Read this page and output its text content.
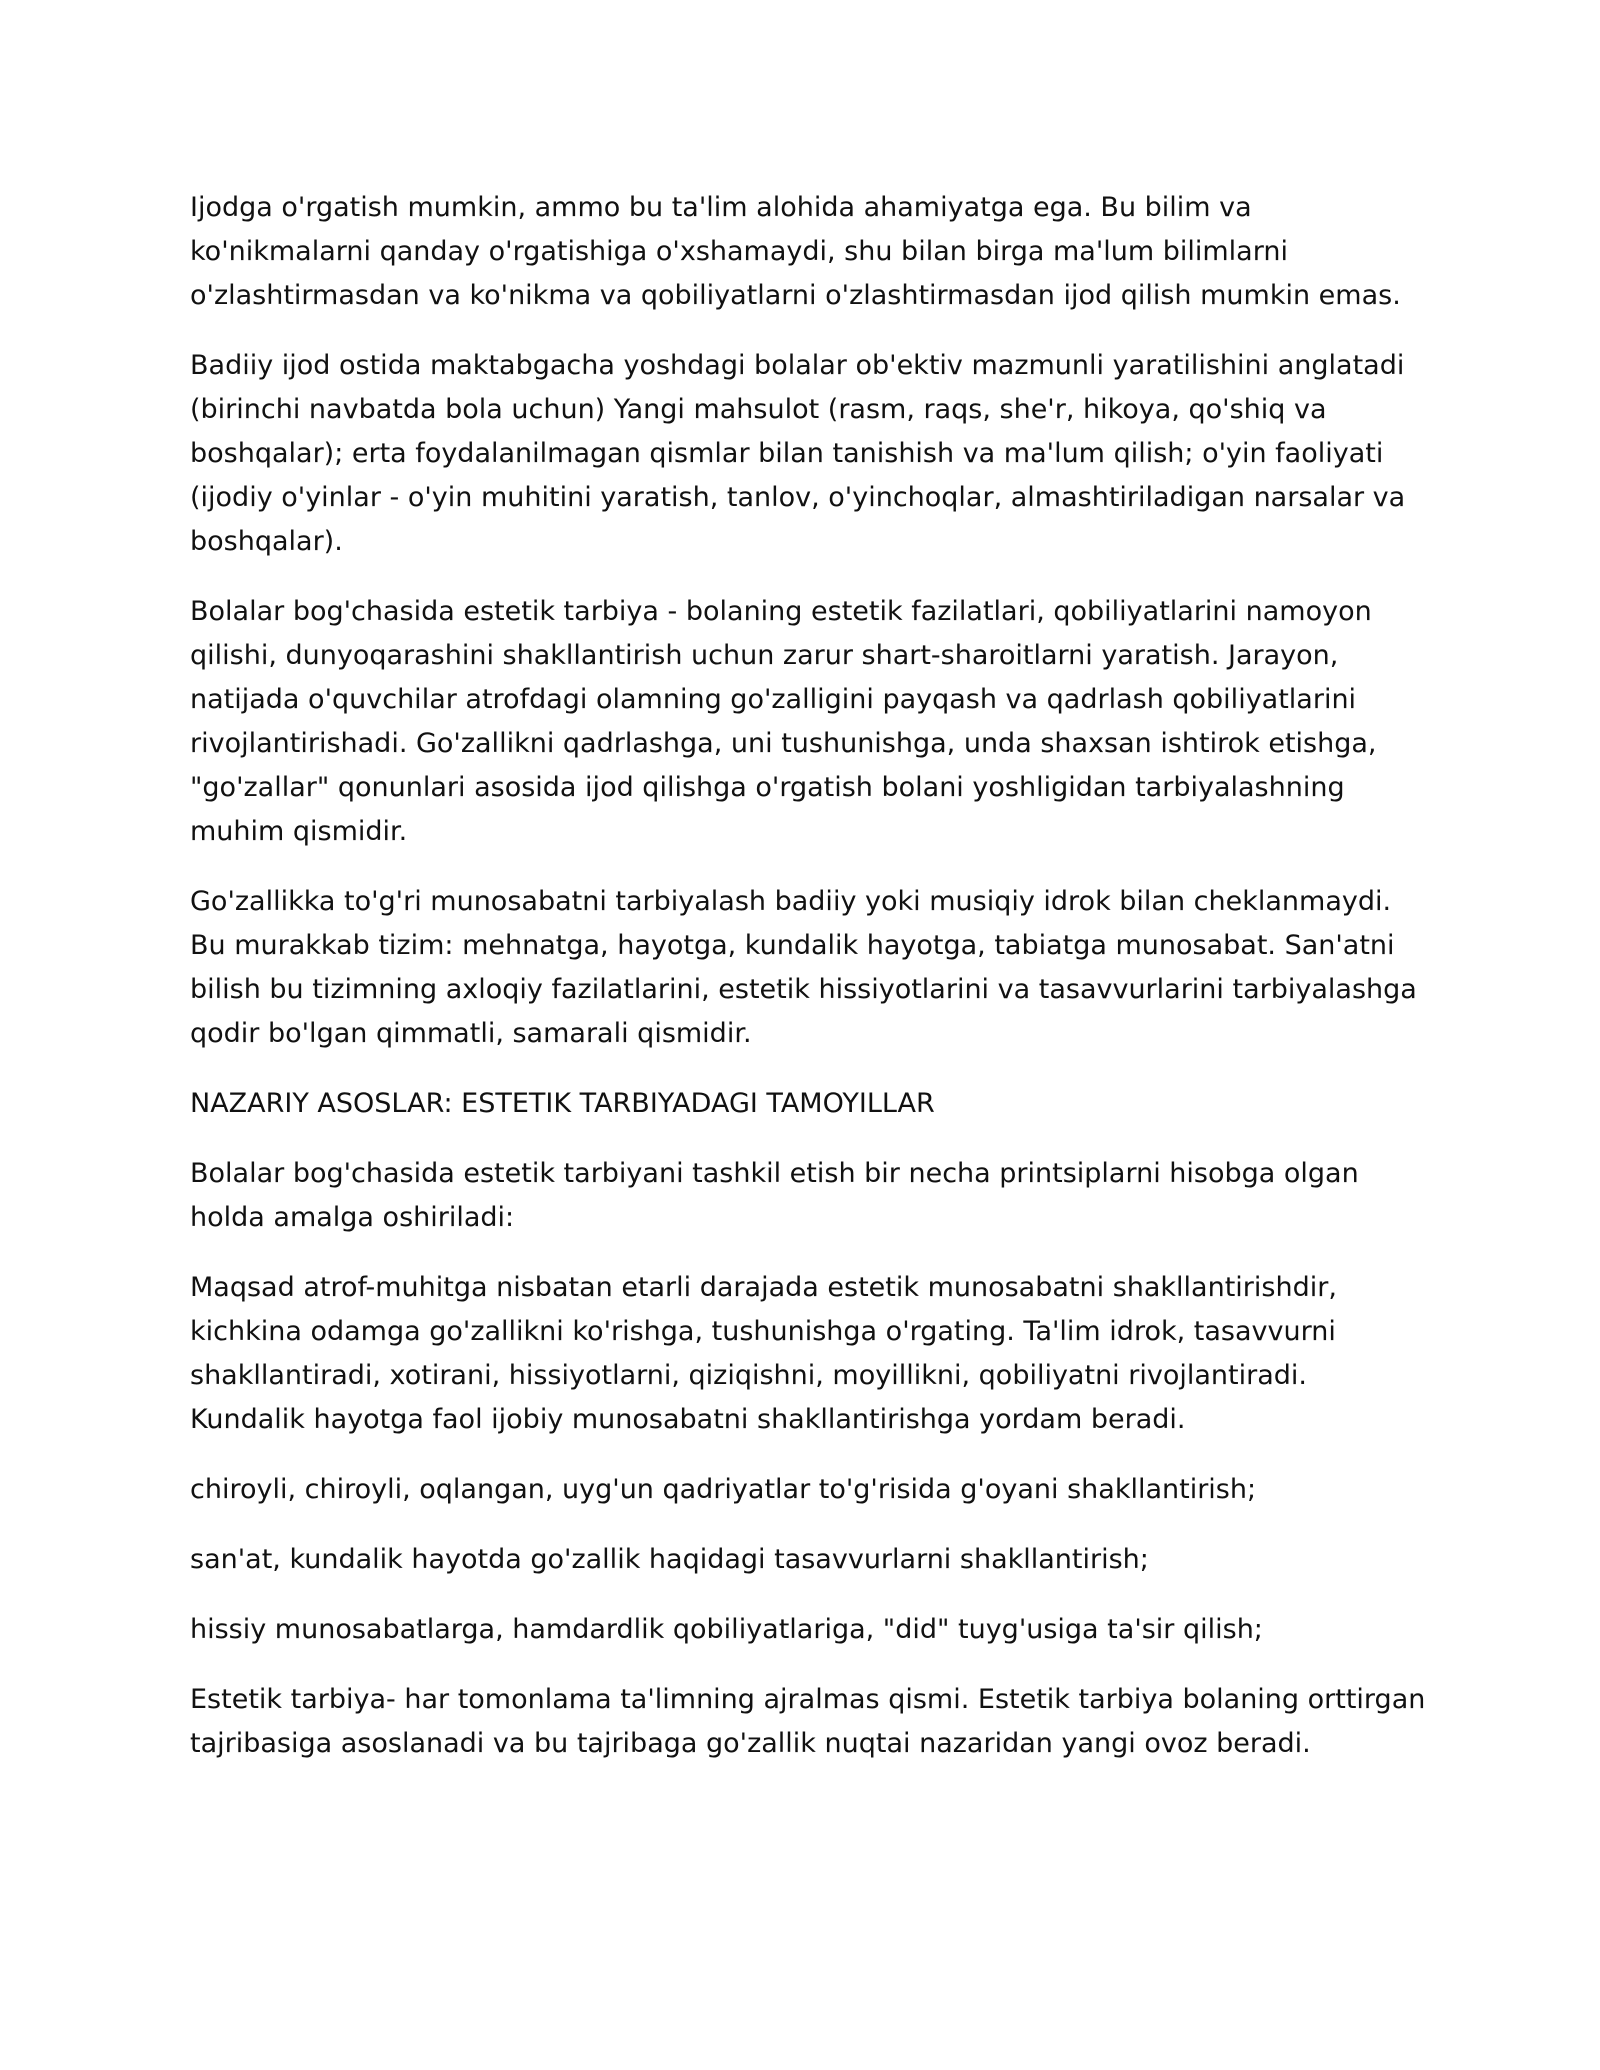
Ijodga o'rgatish mumkin, ammo bu ta'lim alohida ahamiyatga ega. Bu bilim va ko'nikmalarni qanday o'rgatishiga o'xshamaydi, shu bilan birga ma'lum bilimlarni o'zlashtirmasdan va ko'nikma va qobiliyatlarni o'zlashtirmasdan ijod qilish mumkin emas.

Badiiy ijod ostida maktabgacha yoshdagi bolalar ob'ektiv mazmunli yaratilishini anglatadi (birinchi navbatda bola uchun) Yangi mahsulot (rasm, raqs, she'r, hikoya, qo'shiq va boshqalar); erta foydalanilmagan qismlar bilan tanishish va ma'lum qilish; o'yin faoliyati (ijodiy o'yinlar - o'yin muhitini yaratish, tanlov, o'yinchoqlar, almashtiriladigan narsalar va boshqalar).

Bolalar bog'chasida estetik tarbiya - bolaning estetik fazilatlari, qobiliyatlarini namoyon qilishi, dunyoqarashini shakllantirish uchun zarur shart-sharoitlarni yaratish. Jarayon, natijada o'quvchilar atrofdagi olamning go'zalligini payqash va qadrlash qobiliyatlarini rivojlantirishadi. Go'zallikni qadrlashga, uni tushunishga, unda shaxsan ishtirok etishga, "go'zallar" qonunlari asosida ijod qilishga o'rgatish bolani yoshligidan tarbiyalashning muhim qismidir.

Go'zallikka to'g'ri munosabatni tarbiyalash badiiy yoki musiqiy idrok bilan cheklanmaydi. Bu murakkab tizim: mehnatga, hayotga, kundalik hayotga, tabiatga munosabat. San'atni bilish bu tizimning axloqiy fazilatlarini, estetik hissiyotlarini va tasavvurlarini tarbiyalashga qodir bo'lgan qimmatli, samarali qismidir.

NAZARIY ASOSLAR: ESTETIK TARBIYADAGI TAMOYILLAR

Bolalar bog'chasida estetik tarbiyani tashkil etish bir necha printsiplarni hisobga olgan holda amalga oshiriladi:

Maqsad atrof-muhitga nisbatan etarli darajada estetik munosabatni shakllantirishdir, kichkina odamga go'zallikni ko'rishga, tushunishga o'rgating. Ta'lim idrok, tasavvurni shakllantiradi, xotirani, hissiyotlarni, qiziqishni, moyillikni, qobiliyatni rivojlantiradi. Kundalik hayotga faol ijobiy munosabatni shakllantirishga yordam beradi.

chiroyli, chiroyli, oqlangan, uyg'un qadriyatlar to'g'risida g'oyani shakllantirish;

san'at, kundalik hayotda go'zallik haqidagi tasavvurlarni shakllantirish;

hissiy munosabatlarga, hamdardlik qobiliyatlariga, "did" tuyg'usiga ta'sir qilish;

Estetik tarbiya- har tomonlama ta'limning ajralmas qismi. Estetik tarbiya bolaning orttirgan tajribasiga asoslanadi va bu tajribaga go'zallik nuqtai nazaridan yangi ovoz beradi.
